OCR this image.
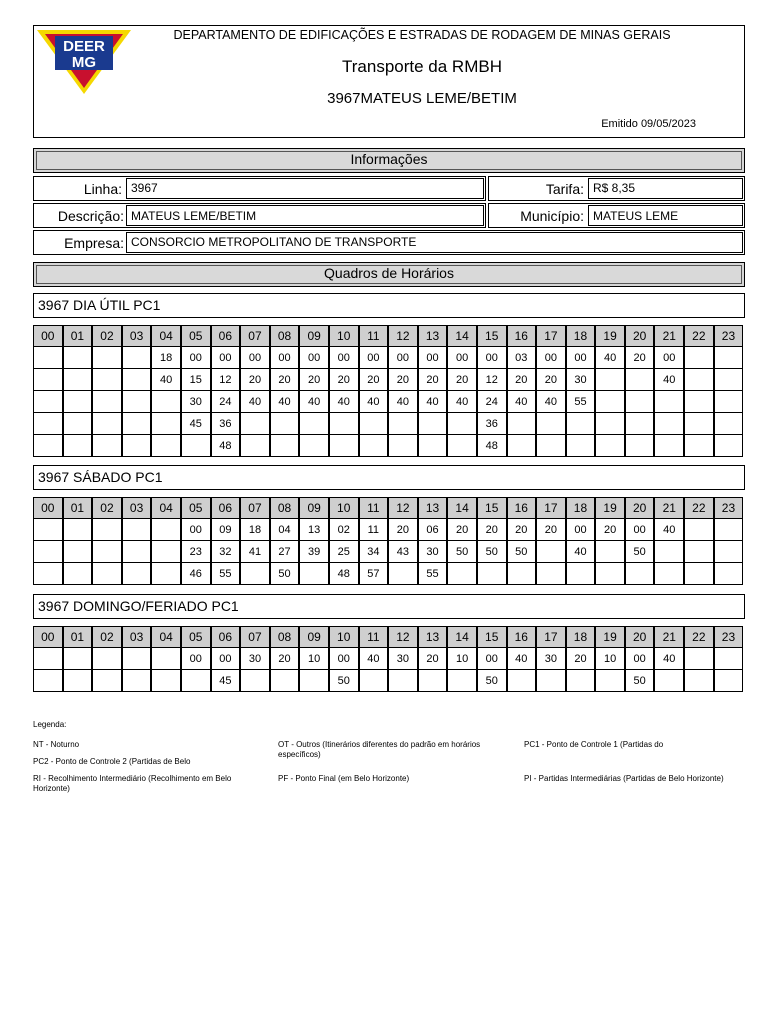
DEER
MG
DEPARTAMENTO DE EDIFICAÇÕES E ESTRADAS DE RODAGEM DE MINAS GERAIS
Transporte da RMBH
3967MATEUS LEME/BETIM
Emitido 09/05/2023
Informações
Linha: 3967	Tarifa: R$ 8,35
Descrição: MATEUS LEME/BETIM	Município: MATEUS LEME
Empresa: CONSORCIO METROPOLITANO DE TRANSPORTE
Quadros de Horários
3967 DIA ÚTIL PC1
00	01	02	03	04	05	06	07	08	09	10	11	12	13	14	15	16	17	18	19	20	21	22	23

				18	00	00	00	00	00	00	00	00	00	00	00	03	00	00	40	20	00		

				40	15	12	20	20	20	20	20	20	20	20	12	20	20	30			40		

					30	24	40	40	40	40	40	40	40	40	24	40	40	55					

					45	36									36								

						48									48								

3967 SÁBADO PC1
00	01	02	03	04	05	06	07	08	09	10	11	12	13	14	15	16	17	18	19	20	21	22	23

					00	09	18	04	13	02	11	20	06	20	20	20	20	00	20	00	40		

					23	32	41	27	39	25	34	43	30	50	50	50		40		50			

					46	55		50		48	57		55										

3967 DOMINGO/FERIADO PC1
00	01	02	03	04	05	06	07	08	09	10	11	12	13	14	15	16	17	18	19	20	21	22	23

					00	00	30	20	10	00	40	30	20	10	00	40	30	20	10	00	40		

						45				50					50					50			

Legenda:
NT - Noturno	OT - Outros (Itinerários diferentes do padrão em horários específicos)
PC1 - Ponto de Controle 1 (Partidas do
PC2 - Ponto de Controle 2 (Partidas de Belo
RI - Recolhimento Intermediário (Recolhimento em Belo Horizonte)
PF - Ponto Final (em Belo Horizonte)	PI - Partidas Intermediárias (Partidas de Belo Horizonte)
